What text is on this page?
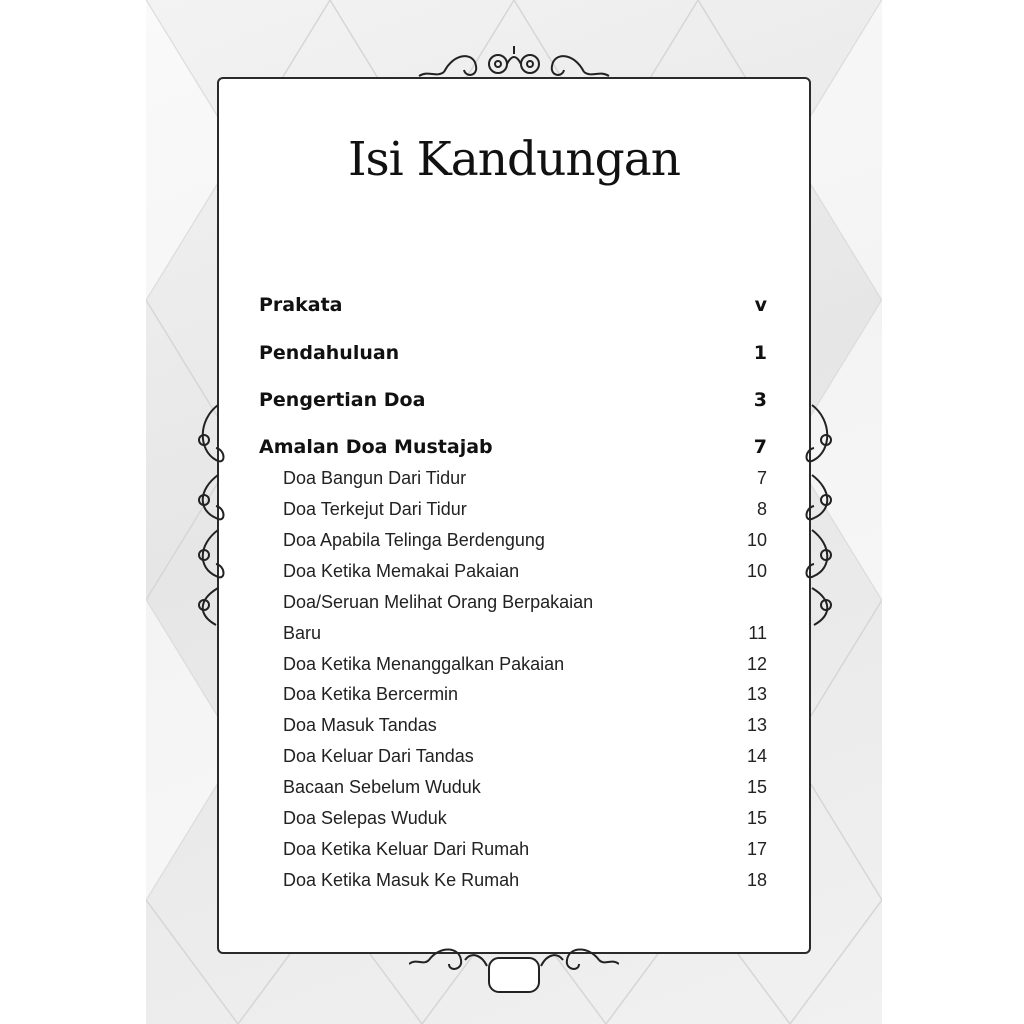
Isi Kandungan
Prakata	v
Pendahuluan	1
Pengertian Doa	3
Amalan Doa Mustajab	7
Doa Bangun Dari Tidur	7
Doa Terkejut Dari Tidur	8
Doa Apabila Telinga Berdengung	10
Doa Ketika Memakai Pakaian	10
Doa/Seruan Melihat Orang Berpakaian
Baru	11
Doa Ketika Menanggalkan Pakaian	12
Doa Ketika Bercermin	13
Doa Masuk Tandas	13
Doa Keluar Dari Tandas	14
Bacaan Sebelum Wuduk	15
Doa Selepas Wuduk	15
Doa Ketika Keluar Dari Rumah	17
Doa Ketika Masuk Ke Rumah	18
